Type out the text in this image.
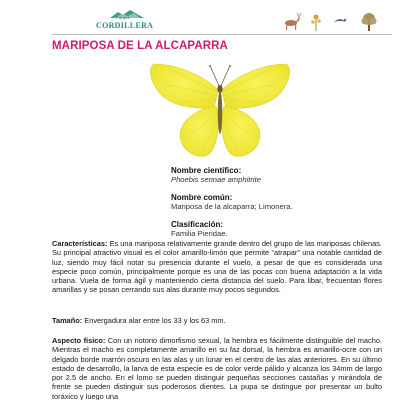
Parque
CORDILLERA
MARIPOSA DE LA ALCAPARRA
Nombre científico:
Phoebis sennae amphitrite
Nombre común:
Mariposa de la alcaparra; Limonera.
Clasificación:
Familia Pieridae.

Características: Es una mariposa relativamente grande dentro del grupo de las mariposas chilenas. Su principal atractivo visual es el color amarillo-limón que permite “atrapar” una notable cantidad de luz, siendo muy fácil notar su presencia durante el vuelo, a pesar de que es considerada una especie poco común, principalmente porque es una de las pocas con buena adaptación a la vida urbana. Vuela de forma ágil y manteniendo cierta distancia del suelo. Para libar, frecuentan flores amarillas y se posan cerrando sus alas durante muy pocos segundos.

Tamaño: Envergadura alar entre los 33 y los 63 mm.

Aspecto físico: Con un notorio dimorfismo sexual, la hembra es fácilmente distinguible del macho. Mientras el macho es completamente amarillo en su faz dorsal, la hembra es amarillo-ocre con un delgado borde marrón oscuro en las alas y un lunar en el centro de las alas anteriores. En su último estado de desarrollo, la larva de esta especie es de color verde pálido y alcanza los 34mm de largo por 2.5 de ancho. En el lomo se pueden distinguir pequeñas secciones castañas y mirándola de frente se pueden distinguir sus poderosos dientes. La pupa se distingue por presentar un bulto toráxico y luego una
